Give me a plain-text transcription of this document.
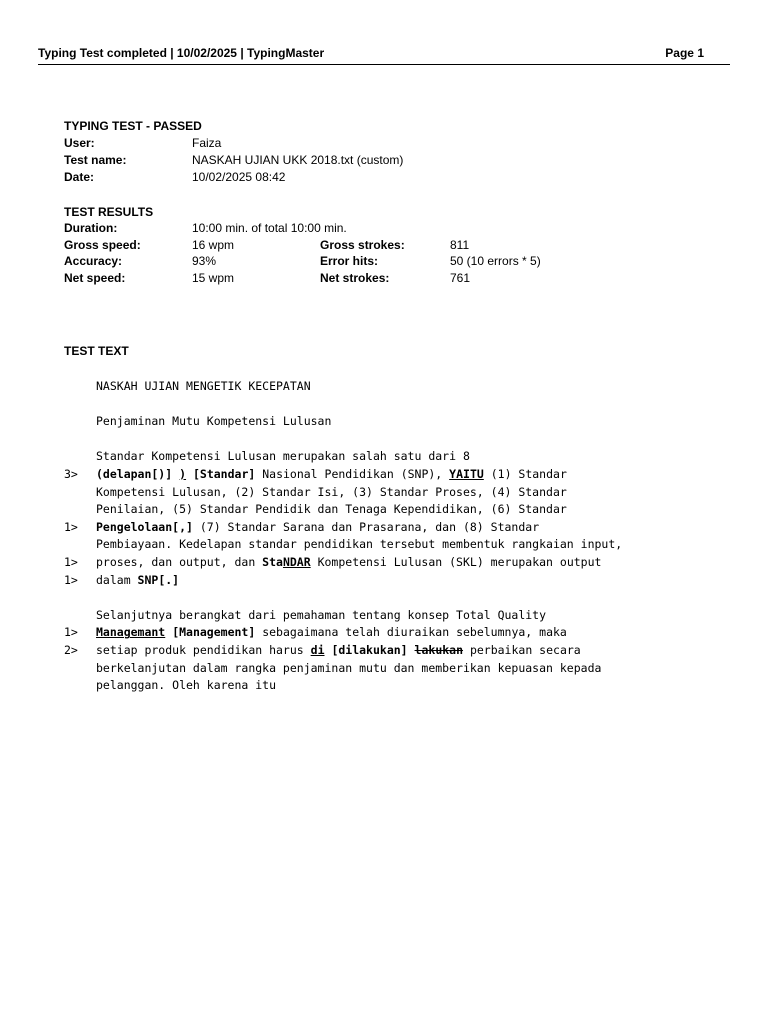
Typing Test completed | 10/02/2025 | TypingMaster	Page 1
TYPING TEST - PASSED
User:	Faiza
Test name:	NASKAH UJIAN UKK 2018.txt (custom)
Date:	10/02/2025 08:42
TEST RESULTS
Duration:	10:00 min. of total 10:00 min.
Gross speed:	16 wpm	Gross strokes:	811
Accuracy:	93%	Error hits:	50 (10 errors * 5)
Net speed:	15 wpm	Net strokes:	761
TEST TEXT
NASKAH UJIAN MENGETIK KECEPATAN
Penjaminan Mutu Kompetensi Lulusan
Standar Kompetensi Lulusan merupakan salah satu dari 8
3> (delapan[)] ) [Standar] Nasional Pendidikan (SNP), YAITU (1) Standar
Kompetensi Lulusan, (2) Standar Isi, (3) Standar Proses, (4) Standar
Penilaian, (5) Standar Pendidik dan Tenaga Kependidikan, (6) Standar
1> Pengelolaan[,] (7) Standar Sarana dan Prasarana, dan (8) Standar
Pembiayaan. Kedelapan standar pendidikan tersebut membentuk rangkaian input,
1> proses, dan output, dan StaNDAR Kompetensi Lulusan (SKL) merupakan output
1> dalam SNP[.]
Selanjutnya berangkat dari pemahaman tentang konsep Total Quality
1> Managemant [Management] sebagaimana telah diuraikan sebelumnya, maka
2> setiap produk pendidikan harus di [dilakukan] lakukan perbaikan secara
berkelanjutan dalam rangka penjaminan mutu dan memberikan kepuasan kepada
pelanggan. Oleh karena itu
